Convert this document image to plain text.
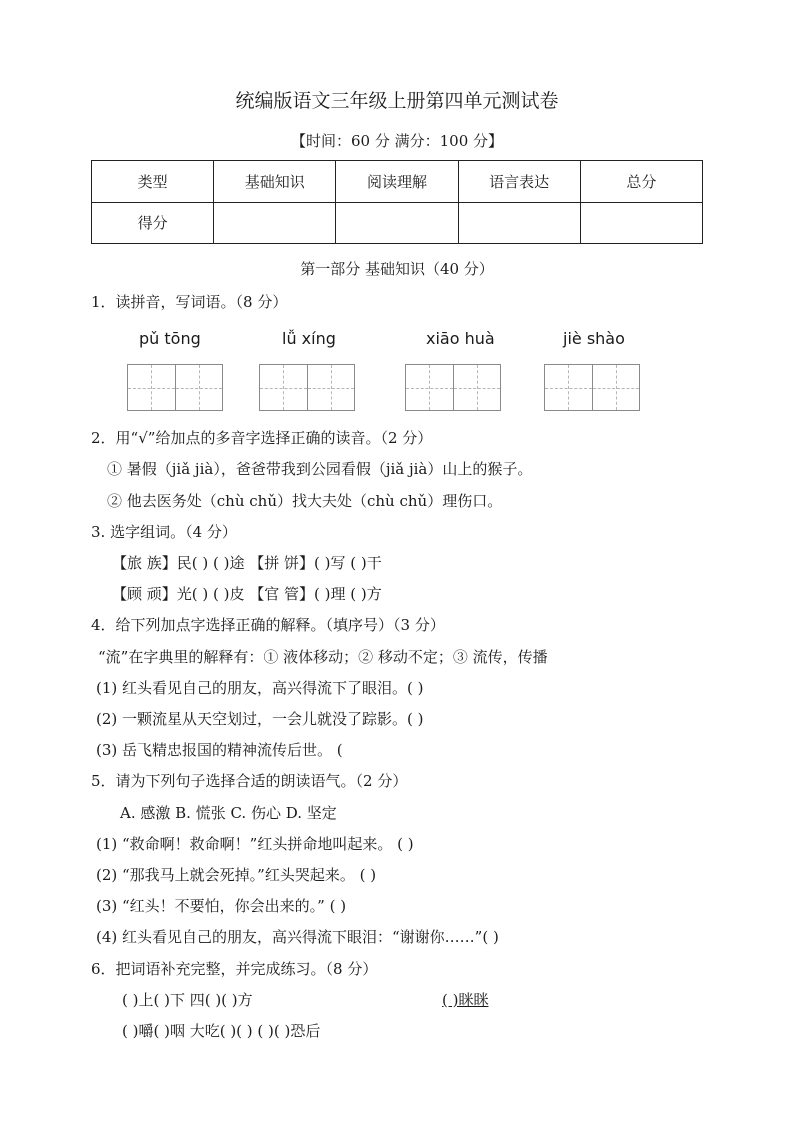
统编版语文三年级上册第四单元测试卷
【时间：60 分 满分：100 分】
类型	基础知识	阅读理解	语言表达	总分
得分				
第一部分 基础知识（40 分）
1．读拼音，写词语。（8 分）
pǔ tōng	lǚ xíng	xiāo huà	jiè shào
2．用“√”给加点的多音字选择正确的读音。（2 分）
① 暑假（jiǎ jià），爸爸带我到公园看假（jiǎ jià）山上的猴子。
② 他去医务处（chù chǔ）找大夫处（chù chǔ）理伤口。
3. 选字组词。（4 分）
【旅 族】民( ) ( )途 【拼 饼】( )写 ( )干
【顾 顽】光( ) ( )皮 【官 管】( )理 ( )方
4．给下列加点字选择正确的解释。（填序号）（3 分）
“流”在字典里的解释有：① 液体移动；② 移动不定；③ 流传，传播
(1) 红头看见自己的朋友，高兴得流下了眼泪。( )
(2) 一颗流星从天空划过，一会儿就没了踪影。( )
(3) 岳飞精忠报国的精神流传后世。 (
5．请为下列句子选择合适的朗读语气。（2 分）
A. 感激 B. 慌张 C. 伤心 D. 坚定
(1) “救命啊！救命啊！”红头拼命地叫起来。 ( )
(2) “那我马上就会死掉。”红头哭起来。 ( )
(3) “红头！不要怕，你会出来的。” ( )
(4) 红头看见自己的朋友，高兴得流下眼泪：“谢谢你……”( )
6．把词语补充完整，并完成练习。（8 分）
( )上( )下 四( )( )方	( )眯眯
( )嚼( )咽 大吃( )( ) ( )( )恐后
